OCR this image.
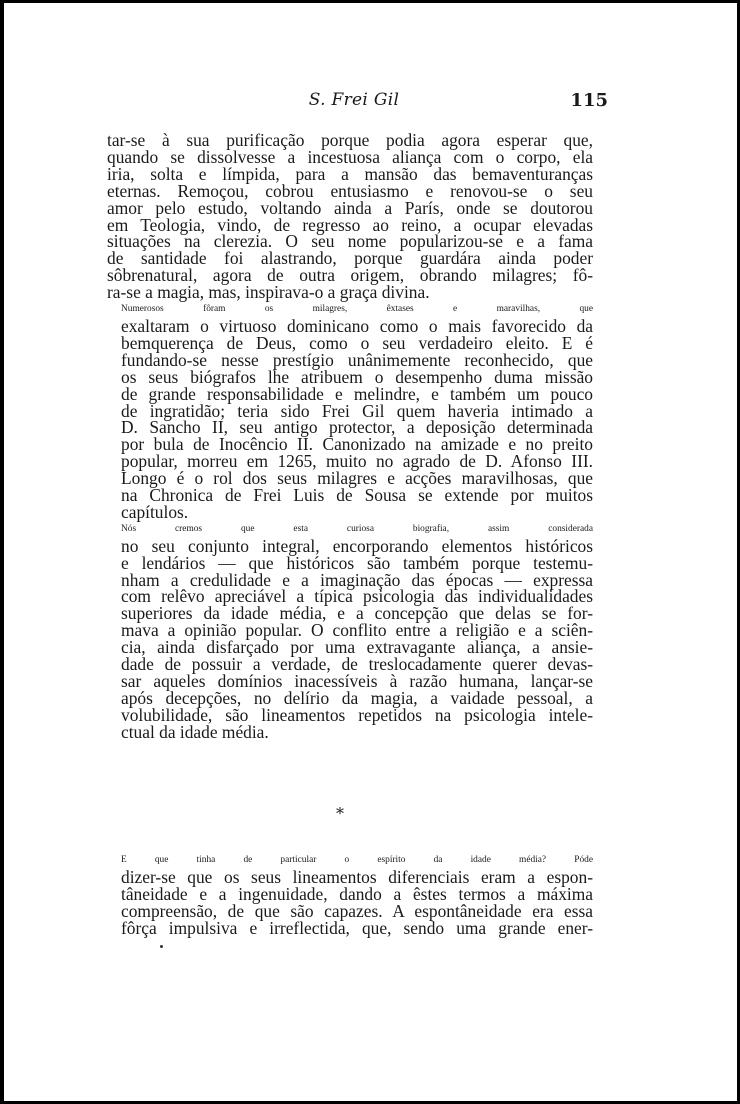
S. Frei Gil	115

tar-se à sua purificação porque podia agora esperar que,
quando se dissolvesse a incestuosa aliança com o corpo, ela
iria, solta e límpida, para a mansão das bemaventuranças
eternas. Remoçou, cobrou entusiasmo e renovou-se o seu
amor pelo estudo, voltando ainda a París, onde se doutorou
em Teologia, vindo, de regresso ao reino, a ocupar elevadas
situações na clerezia. O seu nome popularizou-se e a fama
de santidade foi alastrando, porque guardára ainda poder
sôbrenatural, agora de outra origem, obrando milagres; fô-
ra-se a magia, mas, inspirava-o a graça divina.

Numerosos fôram os milagres, êxtases e maravilhas, que
exaltaram o virtuoso dominicano como o mais favorecido da
bemquerença de Deus, como o seu verdadeiro eleito. E é
fundando-se nesse prestígio unânimemente reconhecido, que
os seus biógrafos lhe atribuem o desempenho duma missão
de grande responsabilidade e melindre, e também um pouco
de ingratidão; teria sido Frei Gil quem haveria intimado a
D. Sancho II, seu antigo protector, a deposição determinada
por bula de Inocêncio II. Canonizado na amizade e no preito
popular, morreu em 1265, muito no agrado de D. Afonso III.
Longo é o rol dos seus milagres e acções maravilhosas, que
na Chronica de Frei Luis de Sousa se extende por muitos
capítulos.

Nós cremos que esta curiosa biografia, assim considerada
no seu conjunto integral, encorporando elementos históricos
e lendários — que históricos são também porque testemu-
nham a credulidade e a imaginação das épocas — expressa
com relêvo apreciável a típica psicologia das individualidades
superiores da idade média, e a concepção que delas se for-
mava a opinião popular. O conflito entre a religião e a sciên-
cia, ainda disfarçado por uma extravagante aliança, a ansie-
dade de possuir a verdade, de treslocadamente querer devas-
sar aqueles domínios inacessíveis à razão humana, lançar-se
após decepções, no delírio da magia, a vaidade pessoal, a
volubilidade, são lineamentos repetidos na psicologia intele-
ctual da idade média.

*

E que tinha de particular o espírito da idade média? Póde
dizer-se que os seus lineamentos diferenciais eram a espon-
tâneidade e a ingenuidade, dando a êstes termos a máxima
compreensão, de que são capazes. A espontâneidade era essa
fôrça impulsiva e irreflectida, que, sendo uma grande ener-
